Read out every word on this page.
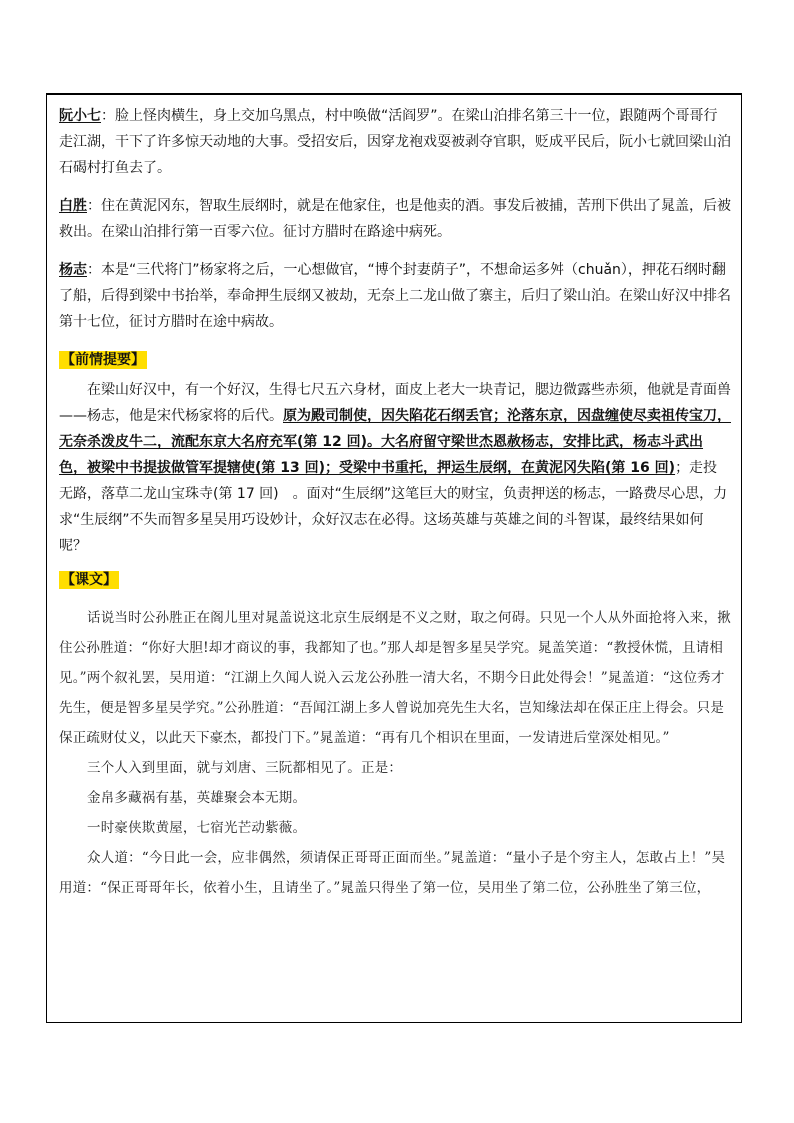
阮小七：脸上怪肉横生，身上交加乌黑点，村中唤做“活阎罗”。在梁山泊排名第三十一位，跟随两个哥哥行走江湖，干下了许多惊天动地的大事。受招安后，因穿龙袍戏耍被剥夺官职，贬成平民后，阮小七就回梁山泊石碣村打鱼去了。

白胜：住在黄泥冈东，智取生辰纲时，就是在他家住，也是他卖的酒。事发后被捕，苦刑下供出了晁盖，后被救出。在梁山泊排行第一百零六位。征讨方腊时在路途中病死。

杨志：本是“三代将门”杨家将之后，一心想做官，“博个封妻荫子”，不想命运多舛（chuǎn），押花石纲时翻了船，后得到梁中书抬举，奉命押生辰纲又被劫，无奈上二龙山做了寨主，后归了梁山泊。在梁山好汉中排名第十七位，征讨方腊时在途中病故。

【前情提要】

在梁山好汉中，有一个好汉，生得七尺五六身材，面皮上老大一块青记，腮边微露些赤须，他就是青面兽——杨志，他是宋代杨家将的后代。原为殿司制使，因失陷花石纲丢官；沦落东京，因盘缠使尽卖祖传宝刀，无奈杀泼皮牛二，流配东京大名府充军(第 12 回)。大名府留守梁世杰恩赦杨志，安排比武，杨志斗武出色，被梁中书提拔做管军提辖使(第 13 回)；受梁中书重托，押运生辰纲，在黄泥冈失陷(第 16 回)；走投无路，落草二龙山宝珠寺(第 17 回)　。面对“生辰纲”这笔巨大的财宝，负责押送的杨志，一路费尽心思，力求“生辰纲”不失而智多星吴用巧设妙计，众好汉志在必得。这场英雄与英雄之间的斗智谋，最终结果如何呢？

【课文】

话说当时公孙胜正在阁儿里对晁盖说这北京生辰纲是不义之财，取之何碍。只见一个人从外面抢将入来，揪住公孙胜道：“你好大胆!却才商议的事，我都知了也。”那人却是智多星吴学究。晁盖笑道：“教授休慌，且请相见。”两个叙礼罢，吴用道：“江湖上久闻人说入云龙公孙胜一清大名，不期今日此处得会！”晁盖道：“这位秀才先生，便是智多星吴学究。”公孙胜道：“吾闻江湖上多人曾说加亮先生大名，岂知缘法却在保正庄上得会。只是保正疏财仗义，以此天下豪杰，都投门下。”晁盖道：“再有几个相识在里面，一发请进后堂深处相见。”

三个人入到里面，就与刘唐、三阮都相见了。正是：

金帛多藏祸有基，英雄聚会本无期。

一时豪侠欺黄屋，七宿光芒动紫薇。

众人道：“今日此一会，应非偶然，须请保正哥哥正面而坐。”晁盖道：“量小子是个穷主人，怎敢占上！”吴用道：“保正哥哥年长，依着小生，且请坐了。”晁盖只得坐了第一位，吴用坐了第二位，公孙胜坐了第三位，
